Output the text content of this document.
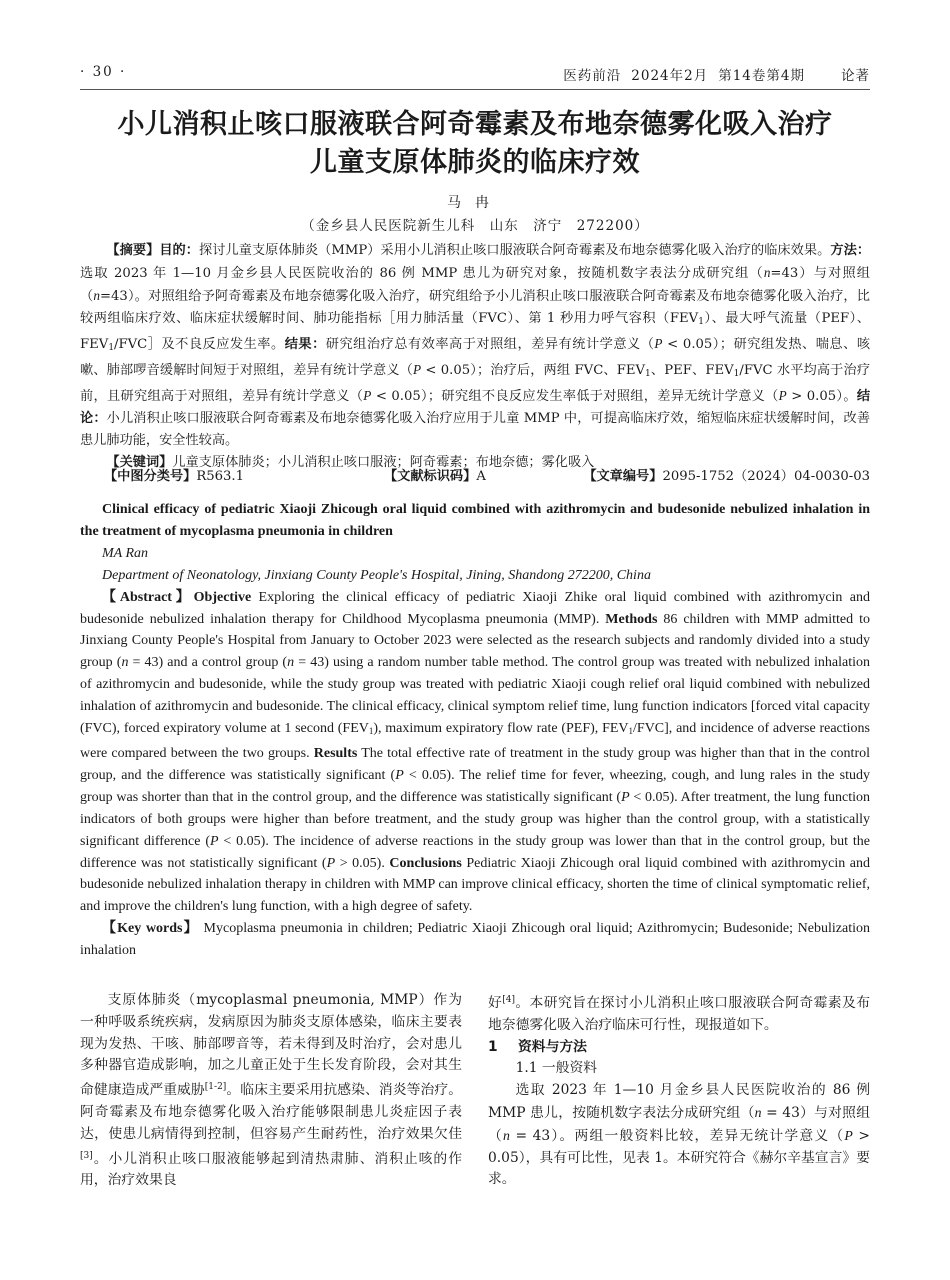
· 30 ·	医药前沿 2024年2月 第14卷第4期	论著
小儿消积止咳口服液联合阿奇霉素及布地奈德雾化吸入治疗
儿童支原体肺炎的临床疗效
马冉
（金乡县人民医院新生儿科　山东　济宁　272200）

【摘要】目的：探讨儿童支原体肺炎（MMP）采用小儿消积止咳口服液联合阿奇霉素及布地奈德雾化吸入治疗的临床效果。方法：选取 2023 年 1—10 月金乡县人民医院收治的 86 例 MMP 患儿为研究对象，按随机数字表法分成研究组（n=43）与对照组（n=43）。对照组给予阿奇霉素及布地奈德雾化吸入治疗，研究组给予小儿消积止咳口服液联合阿奇霉素及布地奈德雾化吸入治疗，比较两组临床疗效、临床症状缓解时间、肺功能指标［用力肺活量（FVC）、第 1 秒用力呼气容积$(FEV_1)$、最大呼气流量（PEF）、$FEV_1/FVC]$及不良反应发生率。结果：研究组治疗总有效率高于对照组，差异有统计学意义（P < 0.05）；研究组发热、喘息、咳嗽、肺部啰音缓解时间短于对照组，差异有统计学意义（P < 0.05）；治疗后，两组 FVC、$FEV_1$、PEF、$FEV_1$/FVC 水平均高于治疗前，且研究组高于对照组，差异有统计学意义（P < 0.05）；研究组不良反应发生率低于对照组，差异无统计学意义（P > 0.05）。结论：小儿消积止咳口服液联合阿奇霉素及布地奈德雾化吸入治疗应用于儿童 MMP 中，可提高临床疗效，缩短临床症状缓解时间，改善患儿肺功能，安全性较高。

【关键词】儿童支原体肺炎；小儿消积止咳口服液；阿奇霉素；布地奈德；雾化吸入

【中图分类号】R563.1	【文献标识码】A	【文章编号】2095-1752（2024）04-0030-03

Clinical efficacy of pediatric Xiaoji Zhicough oral liquid combined with azithromycin and budesonide nebulized inhalation in the treatment of mycoplasma pneumonia in children

MA Ran

Department of Neonatology, Jinxiang County People's Hospital, Jining, Shandong 272200, China

【Abstract】Objective Exploring the clinical efficacy of pediatric Xiaoji Zhike oral liquid combined with azithromycin and budesonide nebulized inhalation therapy for Childhood Mycoplasma pneumonia (MMP). Methods 86 children with MMP admitted to Jinxiang County People's Hospital from January to October 2023 were selected as the research subjects and randomly divided into a study group (n = 43) and a control group (n = 43) using a random number table method. The control group was treated with nebulized inhalation of azithromycin and budesonide, while the study group was treated with pediatric Xiaoji cough relief oral liquid combined with nebulized inhalation of azithromycin and budesonide. The clinical efficacy, clinical symptom relief time, lung function indicators [forced vital capacity (FVC), forced expiratory volume at 1 second $(FEV_1)$, maximum expiratory flow rate (PEF), $FEV_1/FVC$], and incidence of adverse reactions were compared between the two groups. Results The total effective rate of treatment in the study group was higher than that in the control group, and the difference was statistically significant (P < 0.05). The relief time for fever, wheezing, cough, and lung rales in the study group was shorter than that in the control group, and the difference was statistically significant (P < 0.05). After treatment, the lung function indicators of both groups were higher than before treatment, and the study group was higher than the control group, with a statistically significant difference (P < 0.05). The incidence of adverse reactions in the study group was lower than that in the control group, but the difference was not statistically significant (P > 0.05). Conclusions Pediatric Xiaoji Zhicough oral liquid combined with azithromycin and budesonide nebulized inhalation therapy in children with MMP can improve clinical efficacy, shorten the time of clinical symptomatic relief, and improve the children's lung function, with a high degree of safety.

【Key words】 Mycoplasma pneumonia in children; Pediatric Xiaoji Zhicough oral liquid; Azithromycin; Budesonide; Nebulization inhalation

支原体肺炎（mycoplasmal pneumonia, MMP）作为一种呼吸系统疾病，发病原因为肺炎支原体感染，临床主要表现为发热、干咳、肺部啰音等，若未得到及时治疗，会对患儿多种器官造成影响，加之儿童正处于生长发育阶段，会对其生命健康造成严重威胁[1-2]。临床主要采用抗感染、消炎等治疗。阿奇霉素及布地奈德雾化吸入治疗能够限制患儿炎症因子表达，使患儿病情得到控制，但容易产生耐药性，治疗效果欠佳[3]。小儿消积止咳口服液能够起到清热肃肺、消积止咳的作用，治疗效果良

好[4]。本研究旨在探讨小儿消积止咳口服液联合阿奇霉素及布地奈德雾化吸入治疗临床可行性，现报道如下。

1 资料与方法

1.1 一般资料

选取 2023 年 1—10 月金乡县人民医院收治的 86 例 MMP 患儿，按随机数字表法分成研究组（n = 43）与对照组（n = 43）。两组一般资料比较，差异无统计学意义（P > 0.05），具有可比性，见表 1。本研究符合《赫尔辛基宣言》要求。
